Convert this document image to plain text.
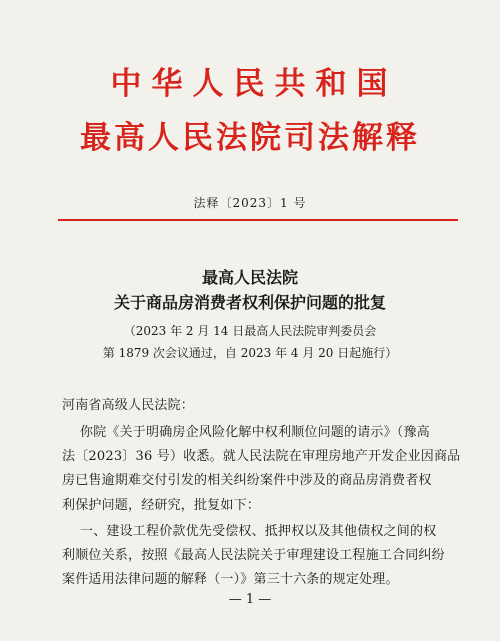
中华人民共和国
最高人民法院司法解释
法释〔2023〕1 号
最高人民法院
关于商品房消费者权利保护问题的批复
（2023 年 2 月 14 日最高人民法院审判委员会
第 1879 次会议通过，自 2023 年 4 月 20 日起施行）
河南省高级人民法院：
你院《关于明确房企风险化解中权利顺位问题的请示》（豫高
法〔2023〕36 号）收悉。就人民法院在审理房地产开发企业因商品
房已售逾期难交付引发的相关纠纷案件中涉及的商品房消费者权
利保护问题，经研究，批复如下：
一、建设工程价款优先受偿权、抵押权以及其他债权之间的权
利顺位关系，按照《最高人民法院关于审理建设工程施工合同纠纷
案件适用法律问题的解释（一）》第三十六条的规定处理。
— 1 —
